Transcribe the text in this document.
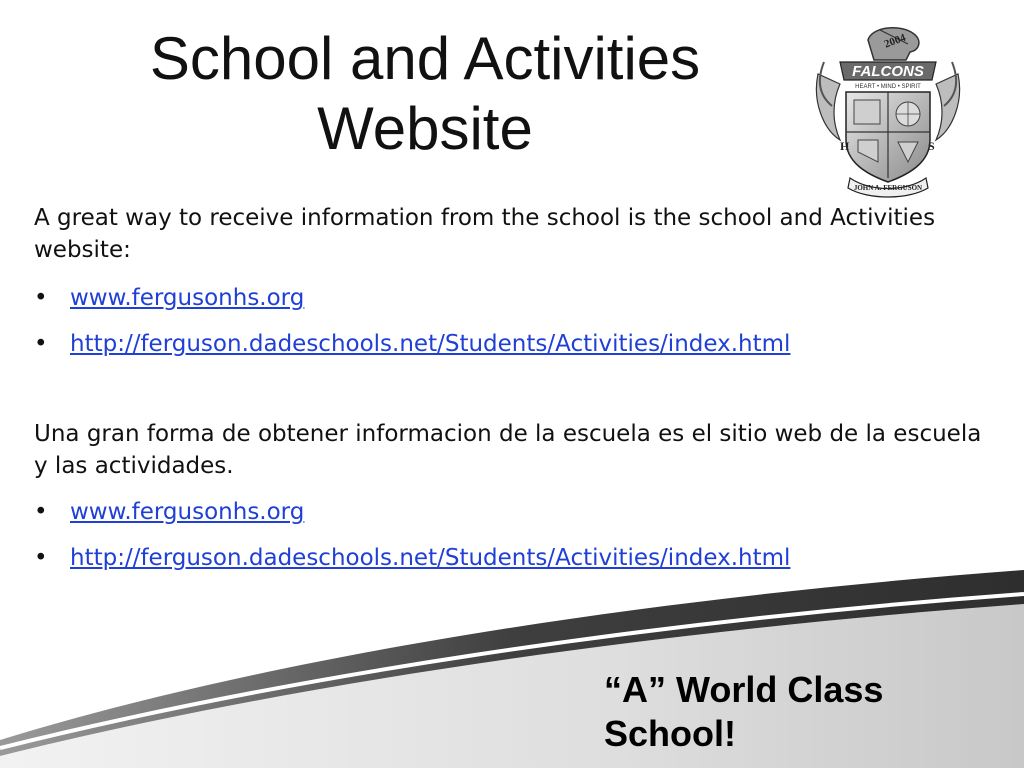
School and Activities
Website
2004
FALCONS
HEART • MIND • SPIRIT
H	S
JOHN A. FERGUSON

A great way to receive information from the school is the school and Activities website:

• www.fergusonhs.org
• http://ferguson.dadeschools.net/Students/Activities/index.html

Una gran forma de obtener informacion de la escuela es el sitio web de la escuela y las actividades.

• www.fergusonhs.org
• http://ferguson.dadeschools.net/Students/Activities/index.html
“A” World Class
School!
